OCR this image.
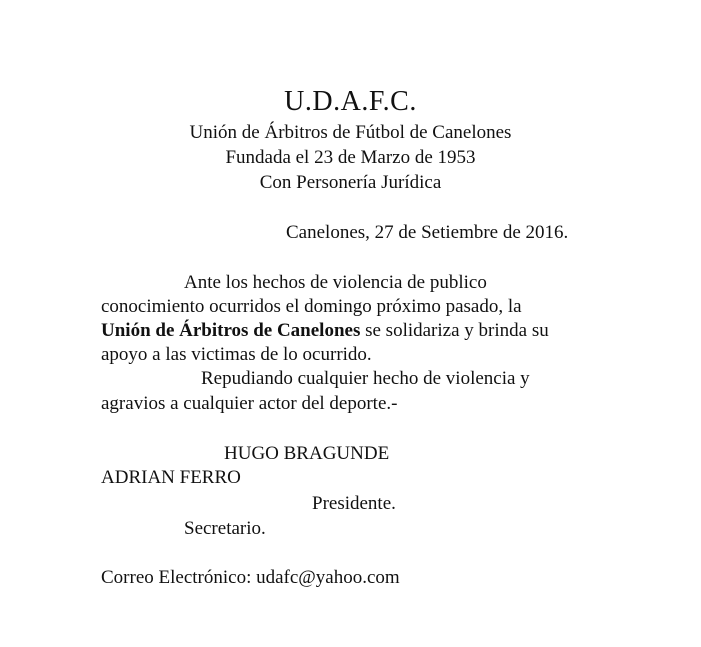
U.D.A.F.C.
Unión de Árbitros de Fútbol de Canelones
Fundada el 23 de Marzo de 1953
Con Personería Jurídica
Canelones, 27 de Setiembre de 2016.
Ante los hechos de violencia de publico
conocimiento ocurridos el domingo próximo pasado, la
Unión de Árbitros de Canelones se solidariza y brinda su
apoyo a las victimas de lo ocurrido.
Repudiando cualquier hecho de violencia y
agravios a cualquier actor del deporte.-
HUGO BRAGUNDE
ADRIAN FERRO
Presidente.
Secretario.
Correo Electrónico: udafc@yahoo.com
